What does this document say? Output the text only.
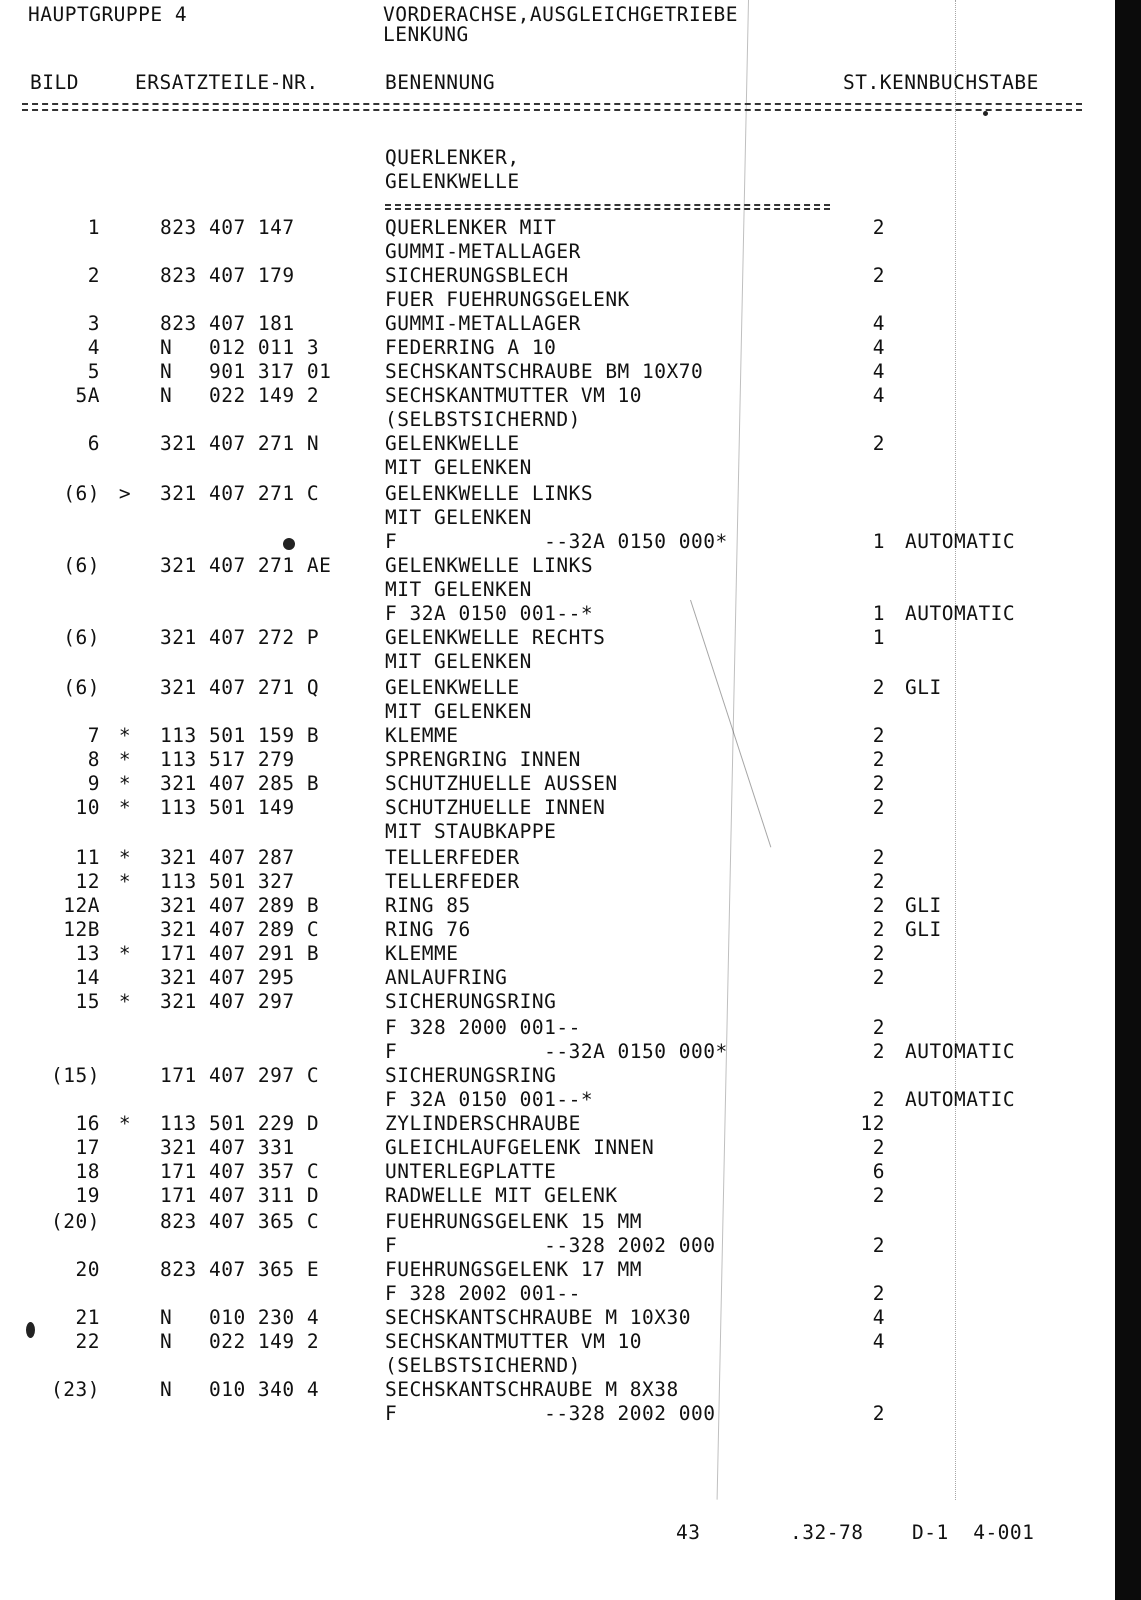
HAUPTGRUPPE 4	VORDERACHSE,AUSGLEICHGETRIEBE
LENKUNG
BILD	ERSATZTEILE-NR.	BENENNUNG	ST.KENNBUCHSTABE
QUERLENKER,
GELENKWELLE
1	823 407 147	QUERLENKER MIT	2
GUMMI-METALLAGER
2	823 407 179	SICHERUNGSBLECH	2
FUER FUEHRUNGSGELENK
3	823 407 181	GUMMI-METALLAGER	4
4	N   012 011 3	FEDERRING A 10	4
5	N   901 317 01	SECHSKANTSCHRAUBE BM 10X70	4
5A	N   022 149 2	SECHSKANTMUTTER VM 10	4
(SELBSTSICHERND)
6	321 407 271 N	GELENKWELLE	2
MIT GELENKEN
(6) >	321 407 271 C	GELENKWELLE LINKS
MIT GELENKEN
F            --32A 0150 000*	1 AUTOMATIC
(6)	321 407 271 AE	GELENKWELLE LINKS
MIT GELENKEN
F 32A 0150 001--*	1 AUTOMATIC
(6)	321 407 272 P	GELENKWELLE RECHTS	1
MIT GELENKEN
(6)	321 407 271 Q	GELENKWELLE	2 GLI
MIT GELENKEN
7 *	113 501 159 B	KLEMME	2
8 *	113 517 279	SPRENGRING INNEN	2
9 *	321 407 285 B	SCHUTZHUELLE AUSSEN	2
10 *	113 501 149	SCHUTZHUELLE INNEN	2
MIT STAUBKAPPE
11 *	321 407 287	TELLERFEDER	2
12 *	113 501 327	TELLERFEDER	2
12A	321 407 289 B	RING 85	2 GLI
12B	321 407 289 C	RING 76	2 GLI
13 *	171 407 291 B	KLEMME	2
14	321 407 295	ANLAUFRING	2
15 *	321 407 297	SICHERUNGSRING
F 328 2000 001--	2
F            --32A 0150 000*	2 AUTOMATIC
(15)	171 407 297 C	SICHERUNGSRING
F 32A 0150 001--*	2 AUTOMATIC
16 *	113 501 229 D	ZYLINDERSCHRAUBE	12
17	321 407 331	GLEICHLAUFGELENK INNEN	2
18	171 407 357 C	UNTERLEGPLATTE	6
19	171 407 311 D	RADWELLE MIT GELENK	2
(20)	823 407 365 C	FUEHRUNGSGELENK 15 MM
F            --328 2002 000	2
20	823 407 365 E	FUEHRUNGSGELENK 17 MM
F 328 2002 001--	2
21	N   010 230 4	SECHSKANTSCHRAUBE M 10X30	4
22	N   022 149 2	SECHSKANTMUTTER VM 10	4
(SELBSTSICHERND)
(23)	N   010 340 4	SECHSKANTSCHRAUBE M 8X38
F            --328 2002 000	2
43	.32-78 D-1  4-001
